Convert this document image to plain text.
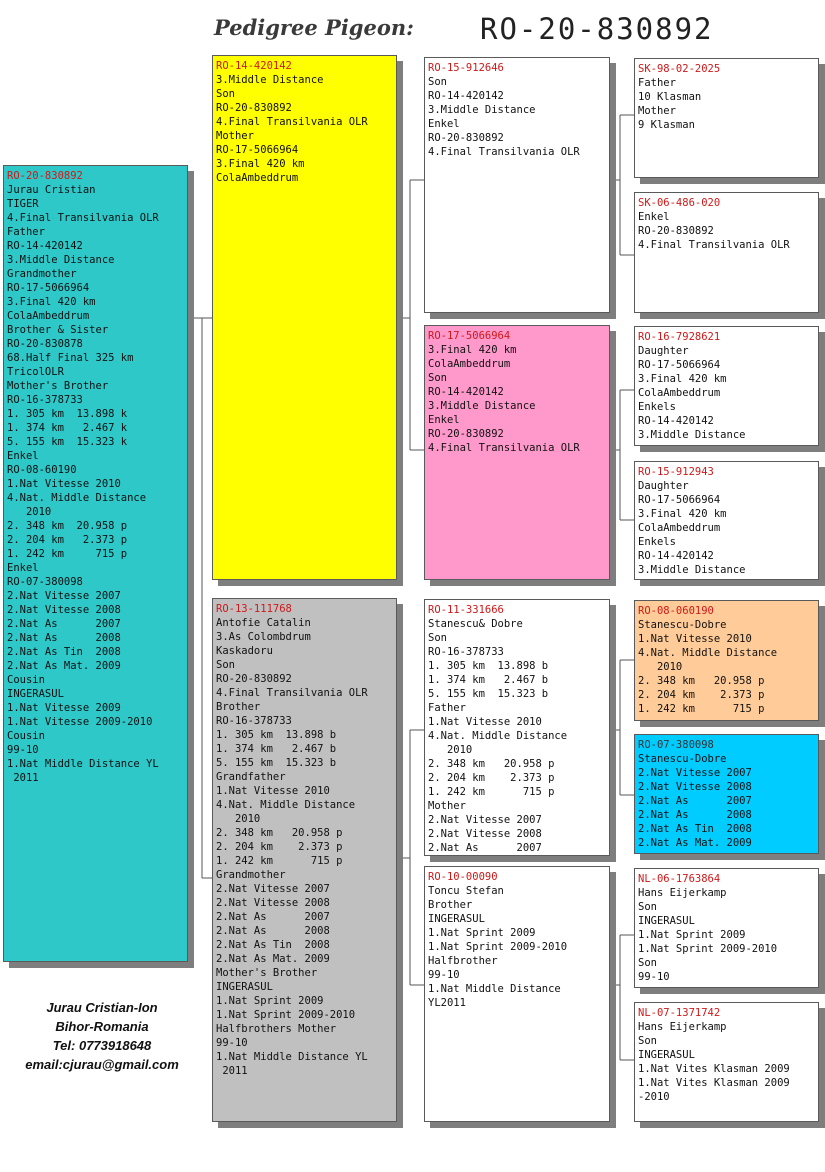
Pedigree Pigeon: RO-20-830892
RO-20-830892
Jurau Cristian
TIGER
4.Final Transilvania OLR
Father
RO-14-420142
3.Middle Distance
Grandmother
RO-17-5066964
3.Final 420 km
ColaAmbeddrum
Brother & Sister
RO-20-830878
68.Half Final 325 km
TricolOLR
Mother's Brother
RO-16-378733
1. 305 km  13.898 k
1. 374 km   2.467 k
5. 155 km  15.323 k
Enkel
RO-08-60190
1.Nat Vitesse 2010
4.Nat. Middle Distance
2010
2. 348 km  20.958 p
2. 204 km   2.373 p
1. 242 km     715 p
Enkel
RO-07-380098
2.Nat Vitesse 2007
2.Nat Vitesse 2008
2.Nat As      2007
2.Nat As      2008
2.Nat As Tin  2008
2.Nat As Mat. 2009
Cousin
INGERASUL
1.Nat Vitesse 2009
1.Nat Vitesse 2009-2010
Cousin
99-10
1.Nat Middle Distance YL
2011
RO-14-420142
3.Middle Distance
Son
RO-20-830892
4.Final Transilvania OLR
Mother
RO-17-5066964
3.Final 420 km
ColaAmbeddrum
RO-13-111768
Antofie Catalin
3.As Colombdrum
Kaskadoru
Son
RO-20-830892
4.Final Transilvania OLR
Brother
RO-16-378733
1. 305 km  13.898 b
1. 374 km   2.467 b
5. 155 km  15.323 b
Grandfather
1.Nat Vitesse 2010
4.Nat. Middle Distance
2010
2. 348 km   20.958 p
2. 204 km    2.373 p
1. 242 km      715 p
Grandmother
2.Nat Vitesse 2007
2.Nat Vitesse 2008
2.Nat As      2007
2.Nat As      2008
2.Nat As Tin  2008
2.Nat As Mat. 2009
Mother's Brother
INGERASUL
1.Nat Sprint 2009
1.Nat Sprint 2009-2010
Halfbrothers Mother
99-10
1.Nat Middle Distance YL
2011
RO-15-912646
Son
RO-14-420142
3.Middle Distance
Enkel
RO-20-830892
4.Final Transilvania OLR
RO-17-5066964
3.Final 420 km
ColaAmbeddrum
Son
RO-14-420142
3.Middle Distance
Enkel
RO-20-830892
4.Final Transilvania OLR
RO-11-331666
Stanescu& Dobre
Son
RO-16-378733
1. 305 km  13.898 b
1. 374 km   2.467 b
5. 155 km  15.323 b
Father
1.Nat Vitesse 2010
4.Nat. Middle Distance
2010
2. 348 km   20.958 p
2. 204 km    2.373 p
1. 242 km      715 p
Mother
2.Nat Vitesse 2007
2.Nat Vitesse 2008
2.Nat As      2007
RO-10-00090
Toncu Stefan
Brother
INGERASUL
1.Nat Sprint 2009
1.Nat Sprint 2009-2010
Halfbrother
99-10
1.Nat Middle Distance
YL2011
SK-98-02-2025
Father
10 Klasman
Mother
9 Klasman
SK-06-486-020
Enkel
RO-20-830892
4.Final Transilvania OLR
RO-16-7928621
Daughter
RO-17-5066964
3.Final 420 km
ColaAmbeddrum
Enkels
RO-14-420142
3.Middle Distance
RO-15-912943
Daughter
RO-17-5066964
3.Final 420 km
ColaAmbeddrum
Enkels
RO-14-420142
3.Middle Distance
RO-08-060190
Stanescu-Dobre
1.Nat Vitesse 2010
4.Nat. Middle Distance
2010
2. 348 km   20.958 p
2. 204 km    2.373 p
1. 242 km      715 p
RO-07-380098
Stanescu-Dobre
2.Nat Vitesse 2007
2.Nat Vitesse 2008
2.Nat As      2007
2.Nat As      2008
2.Nat As Tin  2008
2.Nat As Mat. 2009
NL-06-1763864
Hans Eijerkamp
Son
INGERASUL
1.Nat Sprint 2009
1.Nat Sprint 2009-2010
Son
99-10
NL-07-1371742
Hans Eijerkamp
Son
INGERASUL
1.Nat Vites Klasman 2009
1.Nat Vites Klasman 2009
-2010
Jurau Cristian-Ion
Bihor-Romania
Tel: 0773918648
email:cjurau@gmail.com
